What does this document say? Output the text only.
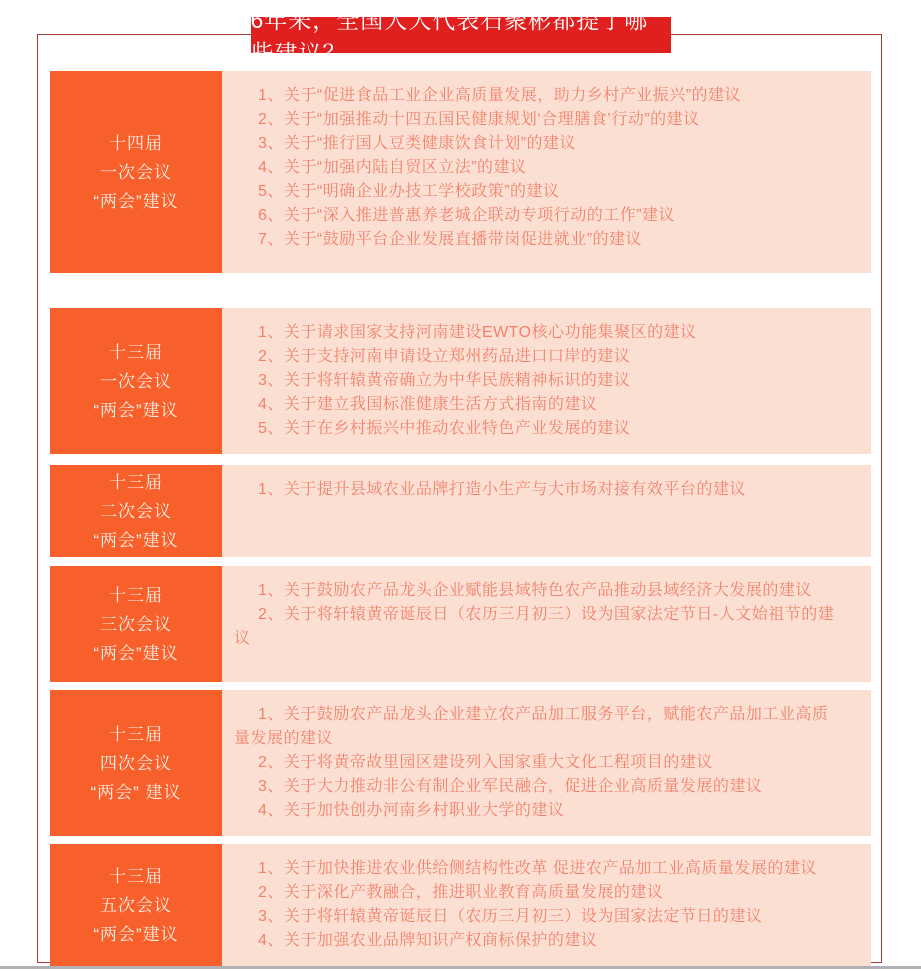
6年来，全国人大代表石聚彬都提了哪些建议？
十四届
一次会议
“两会”建议
1、关于“促进食品工业企业高质量发展，助力乡村产业振兴”的建议
2、关于“加强推动十四五国民健康规划‘合理膳食’行动”的建议
3、关于“推行国人豆类健康饮食计划”的建议
4、关于“加强内陆自贸区立法”的建议
5、关于“明确企业办技工学校政策”的建议
6、关于“深入推进普惠养老城企联动专项行动的工作”建议
7、关于“鼓励平台企业发展直播带岗促进就业”的建议
十三届
一次会议
“两会”建议
1、关于请求国家支持河南建设EWTO核心功能集聚区的建议
2、关于支持河南申请设立郑州药品进口口岸的建议
3、关于将轩辕黄帝确立为中华民族精神标识的建议
4、关于建立我国标准健康生活方式指南的建议
5、关于在乡村振兴中推动农业特色产业发展的建议
十三届
二次会议
“两会”建议
1、关于提升县域农业品牌打造小生产与大市场对接有效平台的建议
十三届
三次会议
“两会”建议
1、关于鼓励农产品龙头企业赋能县域特色农产品推动县域经济大发展的建议
2、关于将轩辕黄帝诞辰日（农历三月初三）设为国家法定节日-人文始祖节的建议
十三届
四次会议
“两会” 建议
1、关于鼓励农产品龙头企业建立农产品加工服务平台，赋能农产品加工业高质量发展的建议
2、关于将黄帝故里园区建设列入国家重大文化工程项目的建议
3、关于大力推动非公有制企业军民融合，促进企业高质量发展的建议
4、关于加快创办河南乡村职业大学的建议
十三届
五次会议
“两会”建议
1、关于加快推进农业供给侧结构性改革 促进农产品加工业高质量发展的建议
2、关于深化产教融合，推进职业教育高质量发展的建议
3、关于将轩辕黄帝诞辰日（农历三月初三）设为国家法定节日的建议
4、关于加强农业品牌知识产权商标保护的建议
